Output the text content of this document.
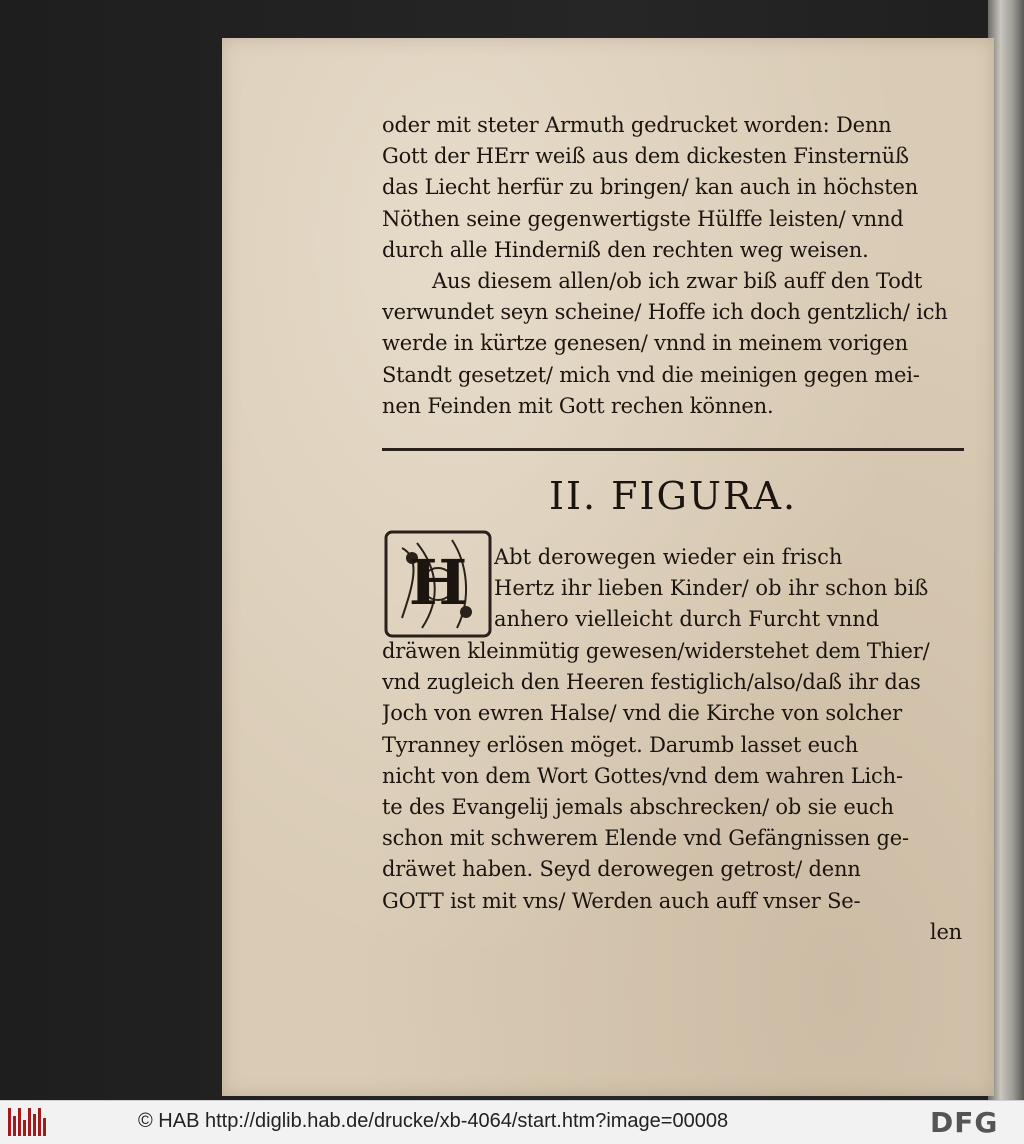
oder mit steter Armuth gedrucket worden: Denn
Gott der HErr weiß aus dem dickesten Finsternüß
das Liecht herfür zu bringen/ kan auch in höchsten
Nöthen seine gegenwertigste Hülffe leisten/ vnnd
durch alle Hinderniß den rechten weg weisen.
Aus diesem allen/ob ich zwar biß auff den Todt
verwundet seyn scheine/ Hoffe ich doch gentzlich/ ich
werde in kürtze genesen/ vnnd in meinem vorigen
Standt gesetzet/ mich vnd die meinigen gegen mei-
nen Feinden mit Gott rechen können.
II. FIGURA.
H Abt derowegen wieder ein frisch
Hertz ihr lieben Kinder/ ob ihr schon biß
anhero vielleicht durch Furcht vnnd
dräwen kleinmütig gewesen/widerstehet dem Thier/
vnd zugleich den Heeren festiglich/also/daß ihr das
Joch von ewren Halse/ vnd die Kirche von solcher
Tyranney erlösen möget. Darumb lasset euch
nicht von dem Wort Gottes/vnd dem wahren Lich-
te des Evangelij jemals abschrecken/ ob sie euch
schon mit schwerem Elende vnd Gefängnissen ge-
dräwet haben. Seyd derowegen getrost/ denn
GOTT ist mit vns/ Werden auch auff vnser Se-
len
© HAB http://diglib.hab.de/drucke/xb-4064/start.htm?image=00008	DFG
